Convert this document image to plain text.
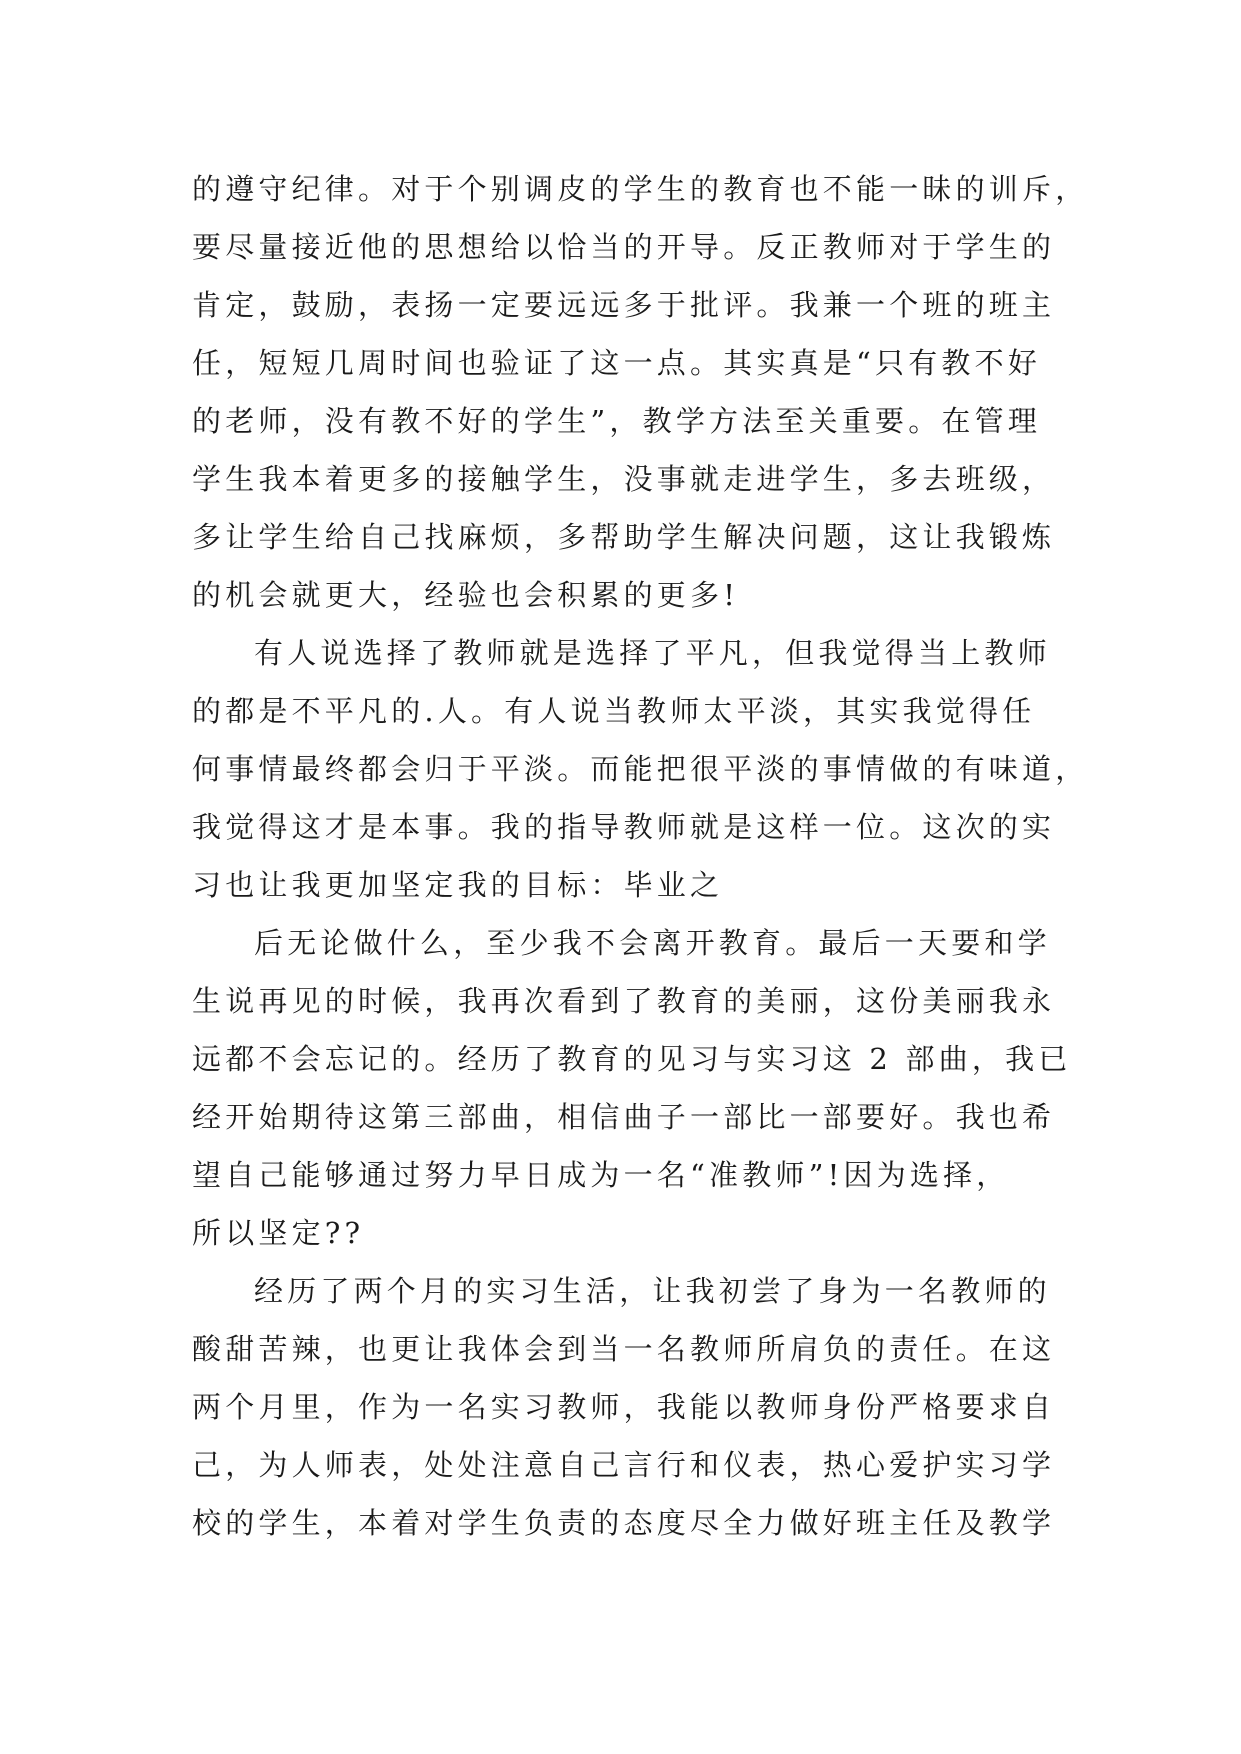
的遵守纪律。对于个别调皮的学生的教育也不能一昧的训斥，
要尽量接近他的思想给以恰当的开导。反正教师对于学生的
肯定，鼓励，表扬一定要远远多于批评。我兼一个班的班主
任，短短几周时间也验证了这一点。其实真是“只有教不好
的老师，没有教不好的学生”，教学方法至关重要。在管理
学生我本着更多的接触学生，没事就走进学生，多去班级，
多让学生给自己找麻烦，多帮助学生解决问题，这让我锻炼
的机会就更大，经验也会积累的更多!
有人说选择了教师就是选择了平凡，但我觉得当上教师
的都是不平凡的.人。有人说当教师太平淡，其实我觉得任
何事情最终都会归于平淡。而能把很平淡的事情做的有味道，
我觉得这才是本事。我的指导教师就是这样一位。这次的实
习也让我更加坚定我的目标：毕业之
后无论做什么，至少我不会离开教育。最后一天要和学
生说再见的时候，我再次看到了教育的美丽，这份美丽我永
远都不会忘记的。经历了教育的见习与实习这 2 部曲，我已
经开始期待这第三部曲，相信曲子一部比一部要好。我也希
望自己能够通过努力早日成为一名“准教师”!因为选择，
所以坚定??
经历了两个月的实习生活，让我初尝了身为一名教师的
酸甜苦辣，也更让我体会到当一名教师所肩负的责任。在这
两个月里，作为一名实习教师，我能以教师身份严格要求自
己，为人师表，处处注意自己言行和仪表，热心爱护实习学
校的学生，本着对学生负责的态度尽全力做好班主任及教学
